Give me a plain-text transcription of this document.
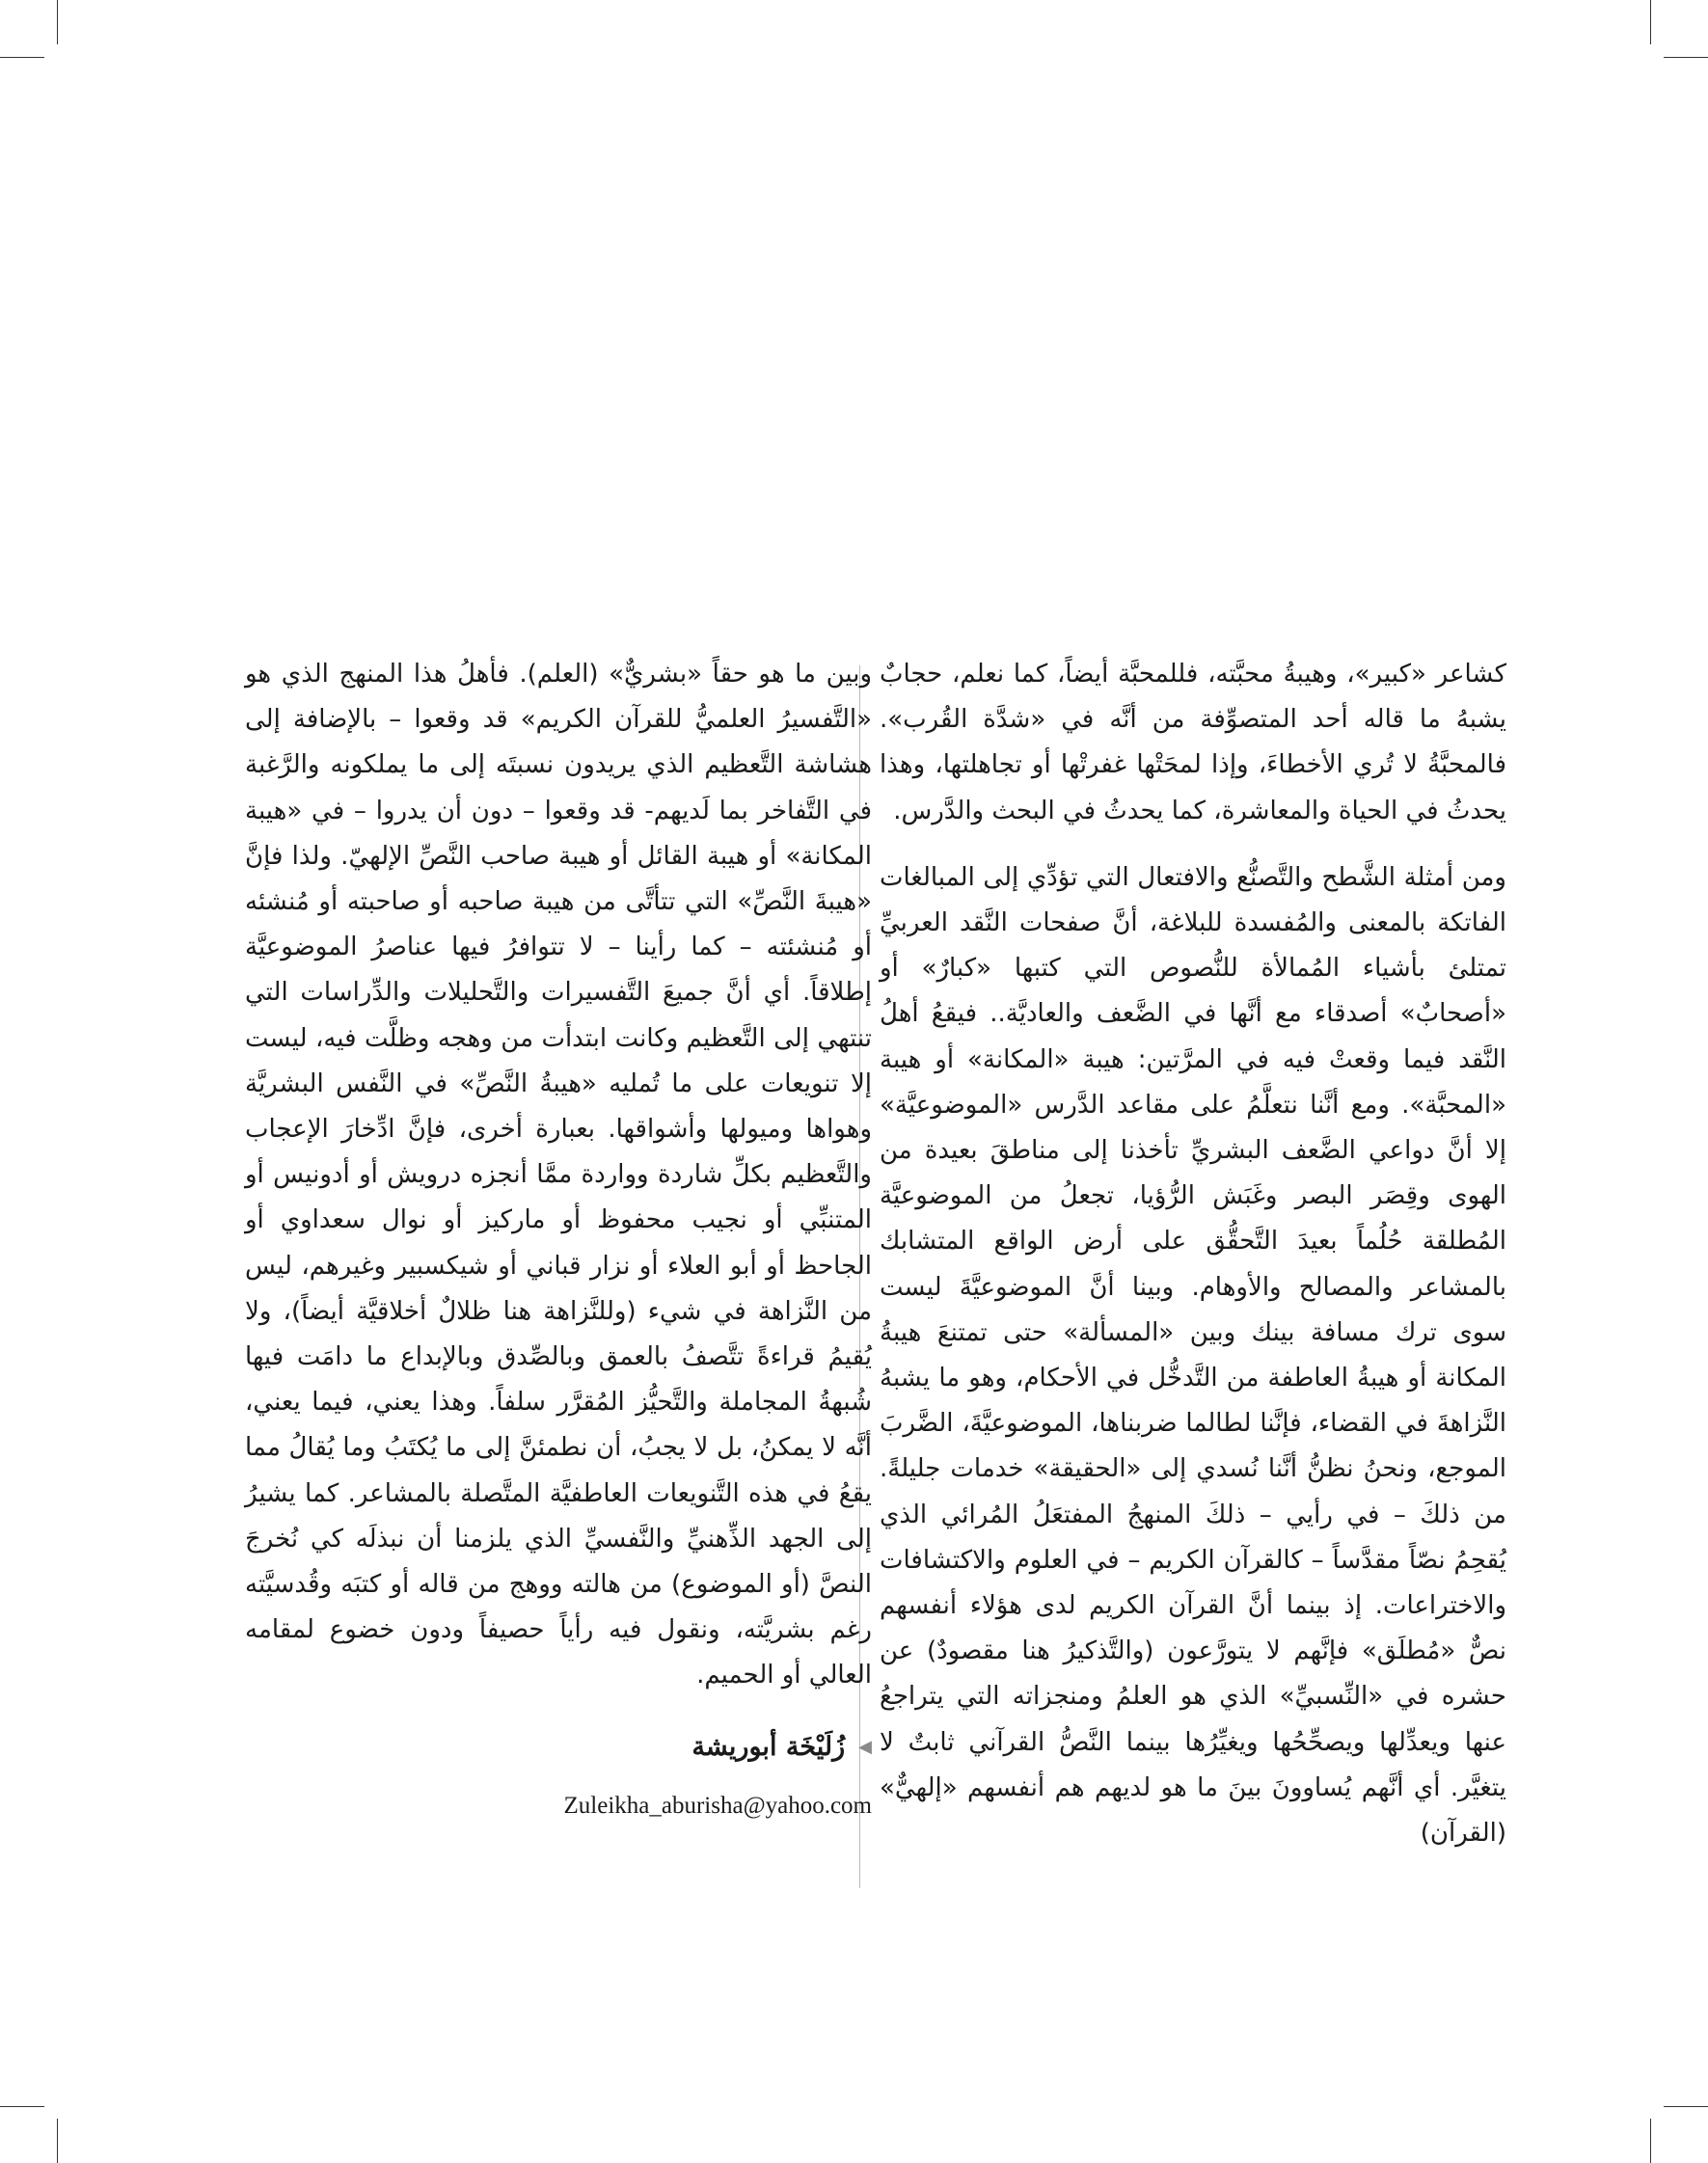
كشاعر «كبير»، وهيبةُ محبَّته، فللمحبَّة أيضاً، كما نعلم، حجابٌ يشبهُ ما قاله أحد المتصوِّفة من أنَّه في «شدَّة القُرب». فالمحبَّةُ لا تُري الأخطاءَ، وإذا لمحَتْها غفرتْها أو تجاهلتها، وهذا يحدثُ في الحياة والمعاشرة، كما يحدثُ في البحث والدَّرس.

ومن أمثلة الشَّطح والتَّصنُّع والافتعال التي تؤدِّي إلى المبالغات الفاتكة بالمعنى والمُفسدة للبلاغة، أنَّ صفحات النَّقد العربيِّ تمتلئ بأشياء المُمالأة للنُّصوص التي كتبها «كبارٌ» أو «أصحابٌ» أصدقاء مع أنَّها في الضَّعف والعاديَّة.. فيقعُ أهلُ النَّقد فيما وقعتْ فيه في المرَّتين: هيبة «المكانة» أو هيبة «المحبَّة». ومع أنَّنا نتعلَّمُ على مقاعد الدَّرس «الموضوعيَّة» إلا أنَّ دواعي الضَّعف البشريِّ تأخذنا إلى مناطقَ بعيدة من الهوى وقِصَر البصر وغَبَش الرُّؤيا، تجعلُ من الموضوعيَّة المُطلقة حُلُماً بعيدَ التَّحقُّق على أرض الواقع المتشابك بالمشاعر والمصالح والأوهام. وبينا أنَّ الموضوعيَّةَ ليست سوى ترك مسافة بينك وبين «المسألة» حتى تمتنعَ هيبةُ المكانة أو هيبةُ العاطفة من التَّدخُّل في الأحكام، وهو ما يشبهُ النَّزاهةَ في القضاء، فإنَّنا لطالما ضربناها، الموضوعيَّةَ، الضَّربَ الموجع، ونحنُ نظنُّ أنَّنا نُسدي إلى «الحقيقة» خدمات جليلةً. من ذلكَ – في رأيي – ذلكَ المنهجُ المفتعَلُ المُرائي الذي يُقحِمُ نصّاً مقدَّساً – كالقرآن الكريم – في العلوم والاكتشافات والاختراعات. إذ بينما أنَّ القرآن الكريم لدى هؤلاء أنفسهم نصٌّ «مُطلَق» فإنَّهم لا يتورَّعون (والتَّذكيرُ هنا مقصودٌ) عن حشره في «النِّسبيِّ» الذي هو العلمُ ومنجزاته التي يتراجعُ عنها ويعدِّلها ويصحِّحُها ويغيِّرُها بينما النَّصُّ القرآني ثابتٌ لا يتغيَّر. أي أنَّهم يُساوونَ بينَ ما هو لديهم هم أنفسهم «إلهيٌّ» (القرآن)

وبين ما هو حقاً «بشريٌّ» (العلم). فأهلُ هذا المنهج الذي هو «التَّفسيرُ العلميُّ للقرآن الكريم» قد وقعوا – بالإضافة إلى هشاشة التَّعظيم الذي يريدون نسبتَه إلى ما يملكونه والرَّغبة في التَّفاخر بما لَديهم- قد وقعوا – دون أن يدروا – في «هيبة المكانة» أو هيبة القائل أو هيبة صاحب النَّصِّ الإلهيّ. ولذا فإنَّ «هيبةَ النَّصِّ» التي تتأتَّى من هيبة صاحبه أو صاحبته أو مُنشئه أو مُنشئته – كما رأينا – لا تتوافرُ فيها عناصرُ الموضوعيَّة إطلاقاً. أي أنَّ جميعَ التَّفسيرات والتَّحليلات والدِّراسات التي تنتهي إلى التَّعظيم وكانت ابتدأت من وهجه وظلَّت فيه، ليست إلا تنويعات على ما تُمليه «هيبةُ النَّصِّ» في النَّفس البشريَّة وهواها وميولها وأشواقها. بعبارة أخرى، فإنَّ ادِّخارَ الإعجاب والتَّعظيم بكلِّ شاردة وواردة ممَّا أنجزه درويش أو أدونيس أو المتنبِّي أو نجيب محفوظ أو ماركيز أو نوال سعداوي أو الجاحظ أو أبو العلاء أو نزار قباني أو شيكسبير وغيرهم، ليس من النَّزاهة في شيء (وللنَّزاهة هنا ظلالٌ أخلاقيَّة أيضاً)، ولا يُقيمُ قراءةً تتَّصفُ بالعمق وبالصِّدق وبالإبداع ما دامَت فيها شُبهةُ المجاملة والتَّحيُّز المُقرَّر سلفاً. وهذا يعني، فيما يعني، أنَّه لا يمكنُ، بل لا يجبُ، أن نطمئنَّ إلى ما يُكتَبُ وما يُقالُ مما يقعُ في هذه التَّنويعات العاطفيَّة المتَّصلة بالمشاعر. كما يشيرُ إلى الجهد الذِّهنيِّ والنَّفسيِّ الذي يلزمنا أن نبذلَه كي نُخرجَ النصَّ (أو الموضوع) من هالته ووهج من قاله أو كتبَه وقُدسيَّته رغم بشريَّته، ونقول فيه رأياً حصيفاً ودون خضوع لمقامه العالي أو الحميم.

◀
زُلَيْخَة أبوريشة
Zuleikha_aburisha@yahoo.com
